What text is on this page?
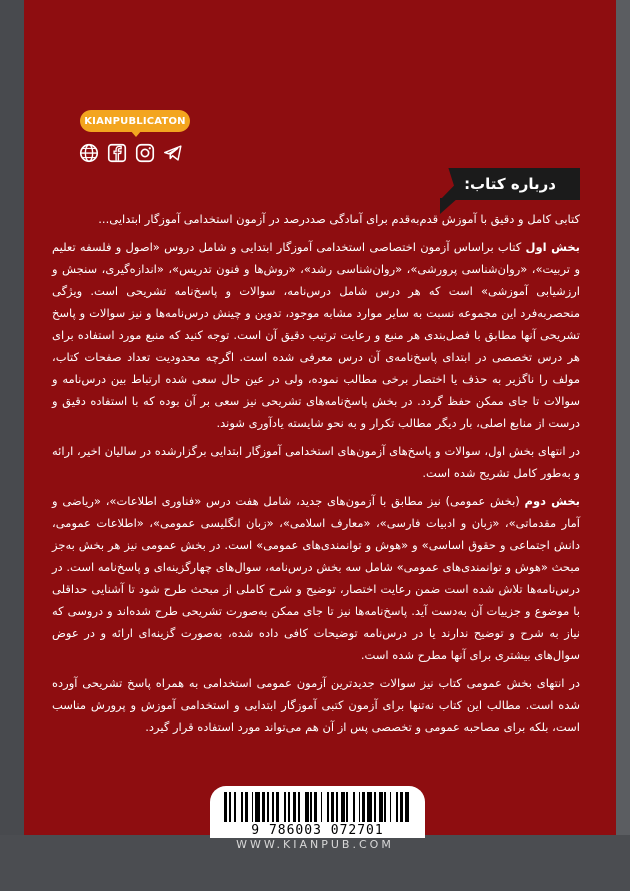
KIANPUBLICATON
درباره کتاب:

کتابی کامل و دقیق با آموزش قدم‌به‌قدم برای آمادگی صددرصد در آزمون استخدامی آموزگار ابتدایی...

بخش اول کتاب براساس آزمون اختصاصی استخدامی آموزگار ابتدایی و شامل دروس «اصول و فلسفه تعلیم و تربیت»، «روان‌شناسی پرورشی»، «روان‌شناسی رشد»، «روش‌ها و فنون تدریس»، «اندازه‌گیری، سنجش و ارزشیابی آموزشی» است که هر درس شامل درس‌نامه، سوالات و پاسخ‌نامه تشریحی است. ویژگی منحصربه‌فرد این مجموعه نسبت به سایر موارد مشابه موجود، تدوین و چینش درس‌نامه‌ها و نیز سوالات و پاسخ تشریحی آنها مطابق با فصل‌بندی هر منبع و رعایت ترتیب دقیق آن است. توجه کنید که منبع مورد استفاده برای هر درس تخصصی در ابتدای پاسخ‌نامه‌ی آن درس معرفی شده است. اگرچه محدودیت تعداد صفحات کتاب، مولف را ناگزیر به حذف یا اختصار برخی مطالب نموده، ولی در عین حال سعی شده ارتباط بین درس‌نامه و سوالات تا جای ممکن حفظ گردد. در بخش پاسخ‌نامه‌های تشریحی نیز سعی بر آن بوده که با استفاده دقیق و درست از منابع اصلی، بار دیگر مطالب تکرار و به نحو شایسته یادآوری شوند.

در انتهای بخش اول، سوالات و پاسخ‌های آزمون‌های استخدامی آموزگار ابتدایی برگزارشده در سالیان اخیر، ارائه و به‌طور کامل تشریح شده است.

بخش دوم (بخش عمومی) نیز مطابق با آزمون‌های جدید، شامل هفت درس «فناوری اطلاعات»، «ریاضی و آمار مقدماتی»، «زبان و ادبیات فارسی»، «معارف اسلامی»، «زبان انگلیسی عمومی»، «اطلاعات عمومی، دانش اجتماعی و حقوق اساسی» و «هوش و توانمندی‌های عمومی» است. در بخش عمومی نیز هر بخش به‌جز مبحث «هوش و توانمندی‌های عمومی» شامل سه بخش درس‌نامه، سوال‌های چهارگزینه‌ای و پاسخ‌نامه است. در درس‌نامه‌ها تلاش شده است ضمن رعایت اختصار، توضیح و شرح کاملی از مبحث طرح شود تا آشنایی حداقلی با موضوع و جزییات آن به‌دست آید. پاسخ‌نامه‌ها نیز تا جای ممکن به‌صورت تشریحی طرح شده‌اند و دروسی که نیاز به شرح و توضیح ندارند یا در درس‌نامه توضیحات کافی داده شده، به‌صورت گزینه‌ای ارائه و در عوض سوال‌های بیشتری برای آنها مطرح شده است.

در انتهای بخش عمومی کتاب نیز سوالات جدیدترین آزمون عمومی استخدامی به همراه پاسخ تشریحی آورده شده است. مطالب این کتاب نه‌تنها برای آزمون کتبی آموزگار ابتدایی و استخدامی آموزش و پرورش مناسب است، بلکه برای مصاحبه عمومی و تخصصی پس از آن هم می‌تواند مورد استفاده قرار گیرد.

9 786003 072701
WWW.KIANPUB.COM
